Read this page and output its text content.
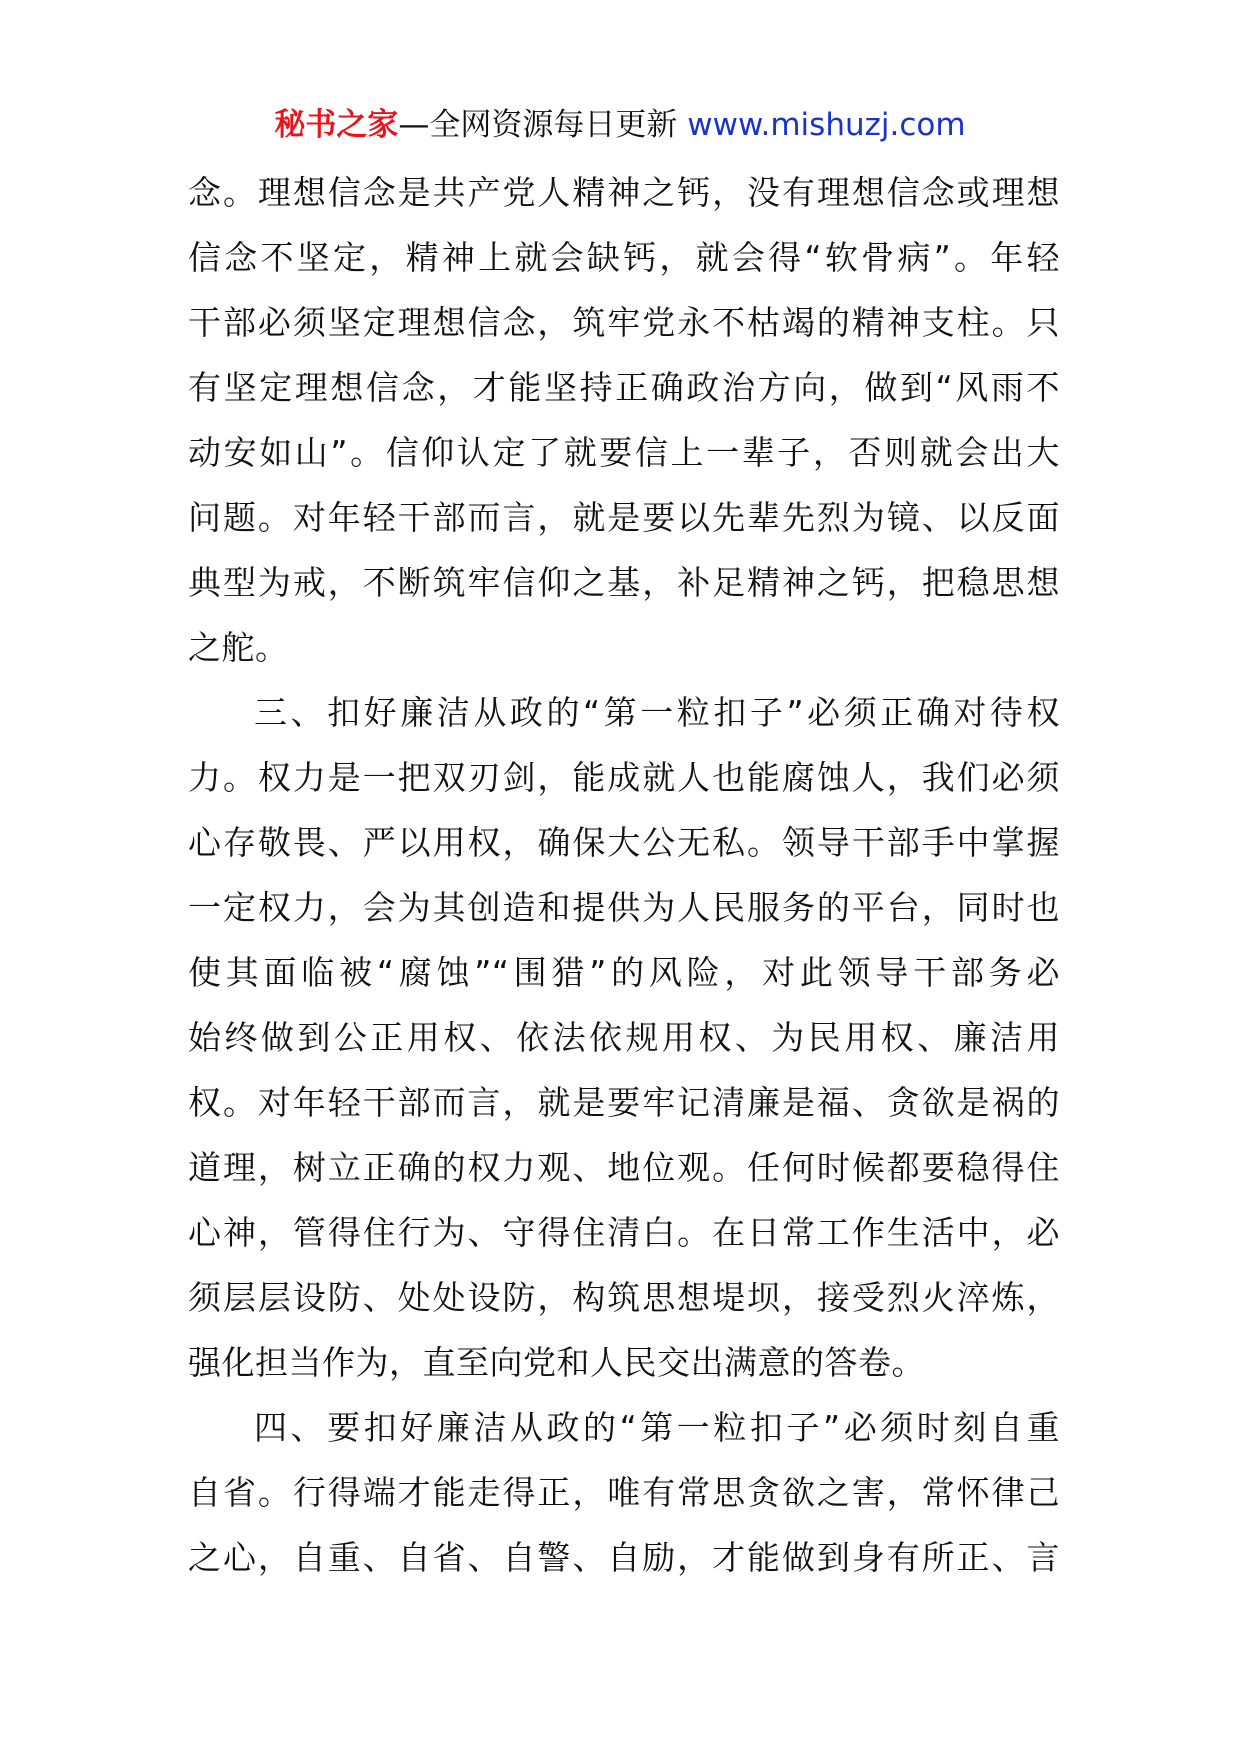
秘书之家—全网资源每日更新 www.mishuzj.com
念。理想信念是共产党人精神之钙，没有理想信念或理想
信念不坚定，精神上就会缺钙，就会得“软骨病”。年轻
干部必须坚定理想信念，筑牢党永不枯竭的精神支柱。只
有坚定理想信念，才能坚持正确政治方向，做到“风雨不
动安如山”。信仰认定了就要信上一辈子，否则就会出大
问题。对年轻干部而言，就是要以先辈先烈为镜、以反面
典型为戒，不断筑牢信仰之基，补足精神之钙，把稳思想
之舵。
三、扣好廉洁从政的“第一粒扣子”必须正确对待权
力。权力是一把双刃剑，能成就人也能腐蚀人，我们必须
心存敬畏、严以用权，确保大公无私。领导干部手中掌握
一定权力，会为其创造和提供为人民服务的平台，同时也
使其面临被“腐蚀”“围猎”的风险，对此领导干部务必
始终做到公正用权、依法依规用权、为民用权、廉洁用
权。对年轻干部而言，就是要牢记清廉是福、贪欲是祸的
道理，树立正确的权力观、地位观。任何时候都要稳得住
心神，管得住行为、守得住清白。在日常工作生活中，必
须层层设防、处处设防，构筑思想堤坝，接受烈火淬炼，
强化担当作为，直至向党和人民交出满意的答卷。
四、要扣好廉洁从政的“第一粒扣子”必须时刻自重
自省。行得端才能走得正，唯有常思贪欲之害，常怀律己
之心，自重、自省、自警、自励，才能做到身有所正、言
